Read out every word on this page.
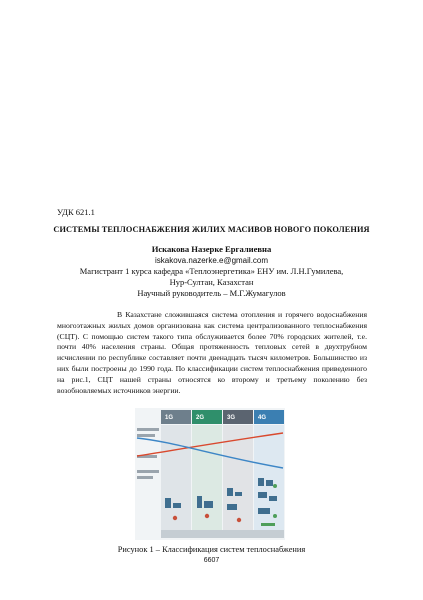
УДК 621.1
СИСТЕМЫ ТЕПЛОСНАБЖЕНИЯ ЖИЛИХ МАСИВОВ НОВОГО ПОКОЛЕНИЯ
Искакова Назерке Ергалиевна
iskakova.nazerke.e@gmail.com
Магистрант 1 курса кафедра «Теплоэнергетика» ЕНУ им. Л.Н.Гумилева,
Нур-Султан, Казахстан
Научный руководитель – М.Г.Жумагулов

В Казахстане сложившаяся система отопления и горячего водоснабжения многоэтажных жилых домов организована как система централизованного теплоснабжения (СЦТ). С помощью систем такого типа обслуживается более 70% городских жителей, т.е. почти 40% населения страны. Общая протяженность тепловых сетей в двухтрубном исчислении по республике составляет почти двенадцать тысяч километров. Большинство из них были построены до 1990 года. По классификации систем теплоснабжения приведенного на рис.1, СЦТ нашей страны относятся ко второму и третьему поколению без возобновляемых источников энергии.

1G	2G	3G	4G
Рисунок 1 – Классификация систем теплоснабжения
6607
